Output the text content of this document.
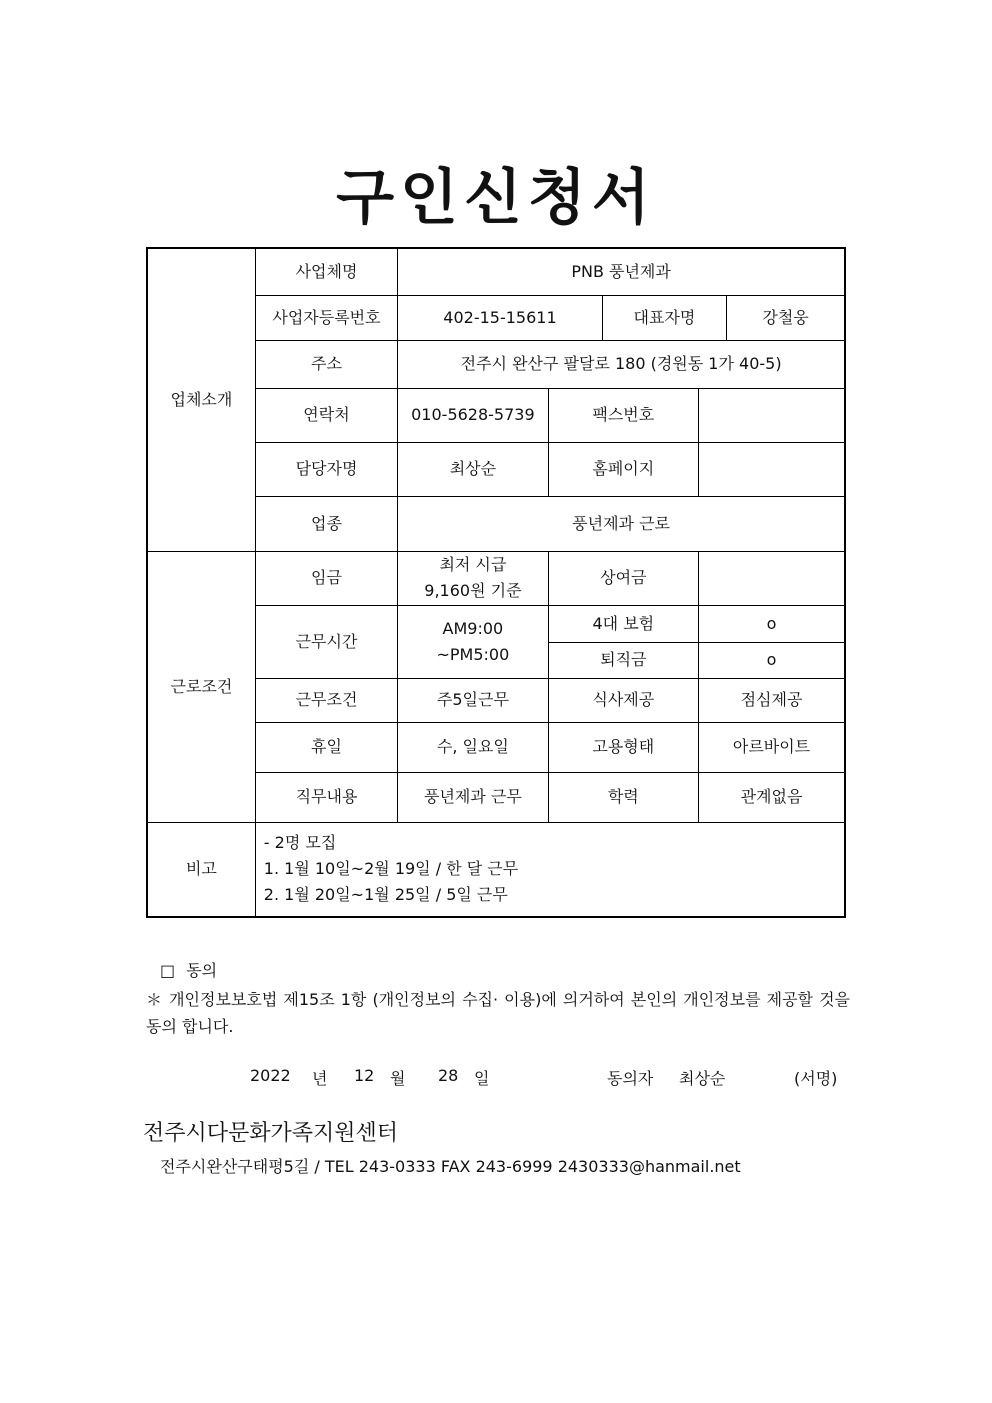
구인신청서
업체소개	사업체명	PNB 풍년제과				
	사업자등록번호	402-15-15611		대표자명		강철웅
	주소	전주시 완산구 팔달로 180 (경원동 1가 40-5)				
	연락처	010-5628-5739	팩스번호			
	담당자명	최상순	홈페이지			
	업종	풍년제과 근로				
근로조건	임금	최저 시급
9,160원 기준	상여금			
	근무시간	AM9:00
~PM5:00	4대 보험		o	
			퇴직금		o	
	근무조건	주5일근무	식사제공		점심제공	
	휴일	수, 일요일	고용형태		아르바이트	
	직무내용	풍년제과 근무	학력		관계없음	
비고	- 2명 모집
1. 1월 10일~2월 19일 / 한 달 근무
2. 1월 20일~1월 25일 / 5일 근무					
□ 동의
＊ 개인정보보호법 제15조 1항 (개인정보의 수집· 이용)에 의거하여 본인의 개인정보를 제공할 것을 동의 합니다.
2022 년 12 월 28 일	동의자 최상순	(서명)
전주시다문화가족지원센터
전주시완산구태평5길 / TEL 243-0333 FAX 243-6999 2430333@hanmail.net
